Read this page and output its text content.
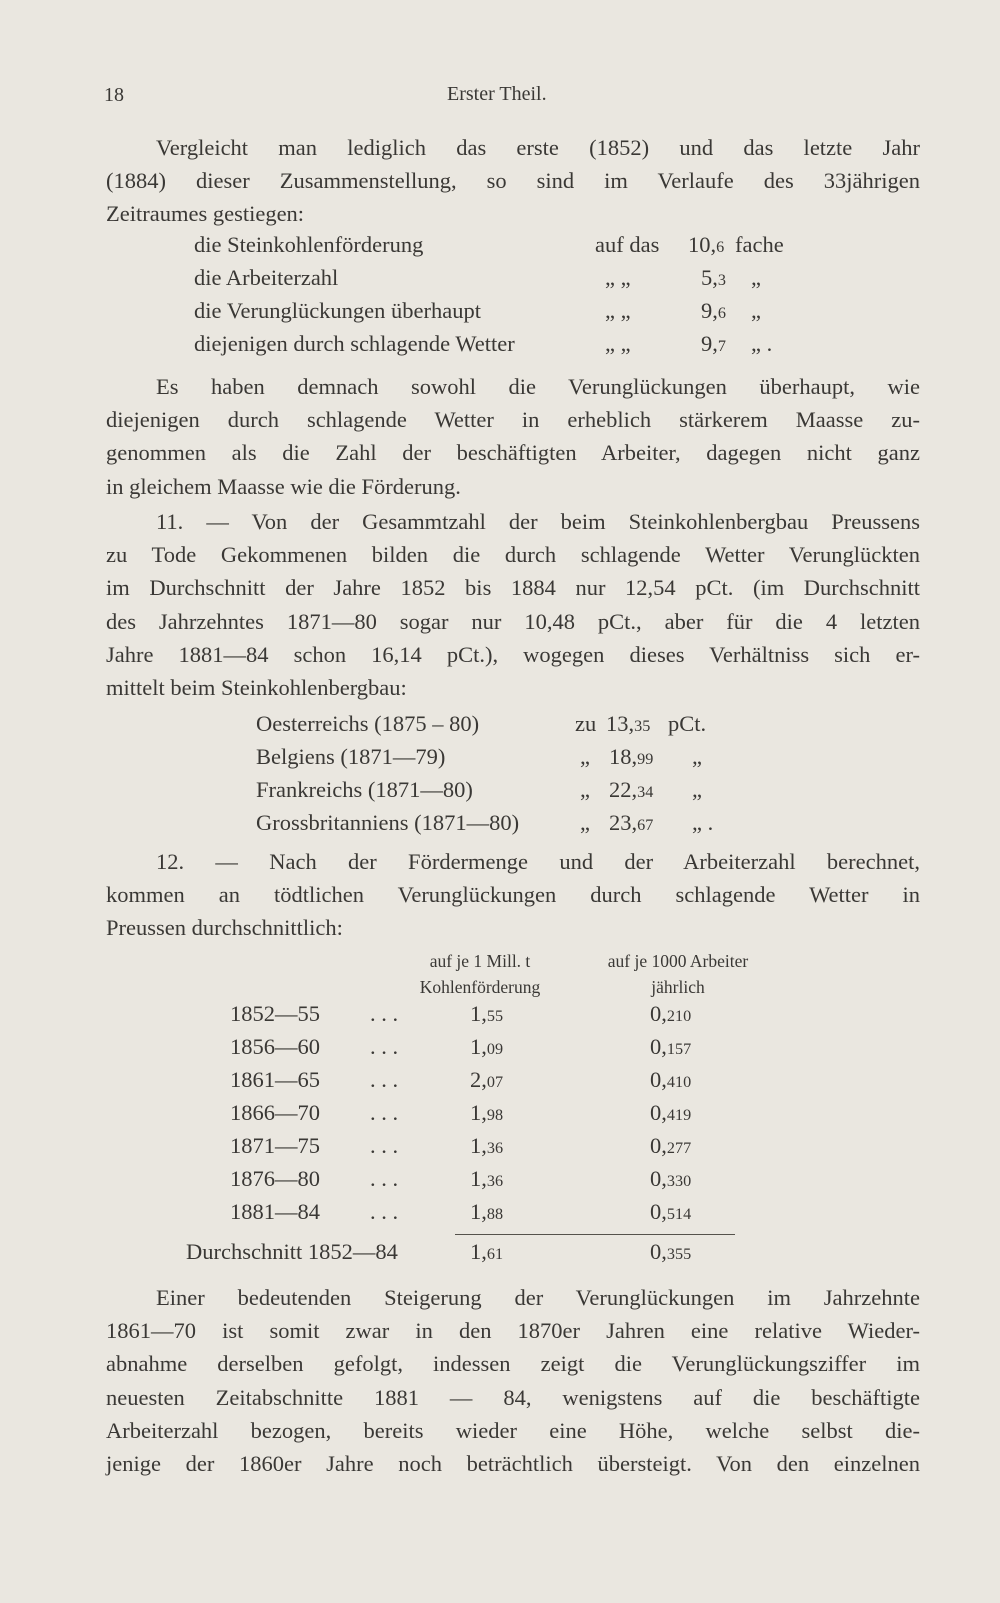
18	Erster Theil.
Vergleicht man lediglich das erste (1852) und das letzte Jahr
(1884) dieser Zusammenstellung, so sind im Verlaufe des 33jährigen
Zeitraumes gestiegen:
die Steinkohlenförderung	auf das 10,6 fache
die Arbeiterzahl	„ „	5,3 „
die Verunglückungen überhaupt	„ „	9,6 „
diejenigen durch schlagende Wetter	„ „	9,7 „ .
Es haben demnach sowohl die Verunglückungen überhaupt, wie
diejenigen durch schlagende Wetter in erheblich stärkerem Maasse zu-
genommen als die Zahl der beschäftigten Arbeiter, dagegen nicht ganz
in gleichem Maasse wie die Förderung.
11. — Von der Gesammtzahl der beim Steinkohlenbergbau Preussens
zu Tode Gekommenen bilden die durch schlagende Wetter Verunglückten
im Durchschnitt der Jahre 1852 bis 1884 nur 12,54 pCt. (im Durchschnitt
des Jahrzehntes 1871—80 sogar nur 10,48 pCt., aber für die 4 letzten
Jahre 1881—84 schon 16,14 pCt.), wogegen dieses Verhältniss sich er-
mittelt beim Steinkohlenbergbau:
Oesterreichs (1875 – 80)	zu 13,35 pCt.
Belgiens (1871—79)	„ 18,99 „
Frankreichs (1871—80)	„ 22,34 „
Grossbritanniens (1871—80)	„ 23,67 „ .
12. — Nach der Fördermenge und der Arbeiterzahl berechnet,
kommen an tödtlichen Verunglückungen durch schlagende Wetter in
Preussen durchschnittlich:
auf je 1 Mill. t
Kohlenförderung
auf je 1000 Arbeiter
jährlich
1852—55 . . .	1,55	0,210
1856—60 . . .	1,09	0,157
1861—65 . . .	2,07	0,410
1866—70 . . .	1,98	0,419
1871—75 . . .	1,36	0,277
1876—80 . . .	1,36	0,330
1881—84 . . .	1,88	0,514
Durchschnitt 1852—84	1,61	0,355
Einer bedeutenden Steigerung der Verunglückungen im Jahrzehnte
1861—70 ist somit zwar in den 1870er Jahren eine relative Wieder-
abnahme derselben gefolgt, indessen zeigt die Verunglückungsziffer im
neuesten Zeitabschnitte 1881 — 84, wenigstens auf die beschäftigte
Arbeiterzahl bezogen, bereits wieder eine Höhe, welche selbst die-
jenige der 1860er Jahre noch beträchtlich übersteigt. Von den einzelnen
